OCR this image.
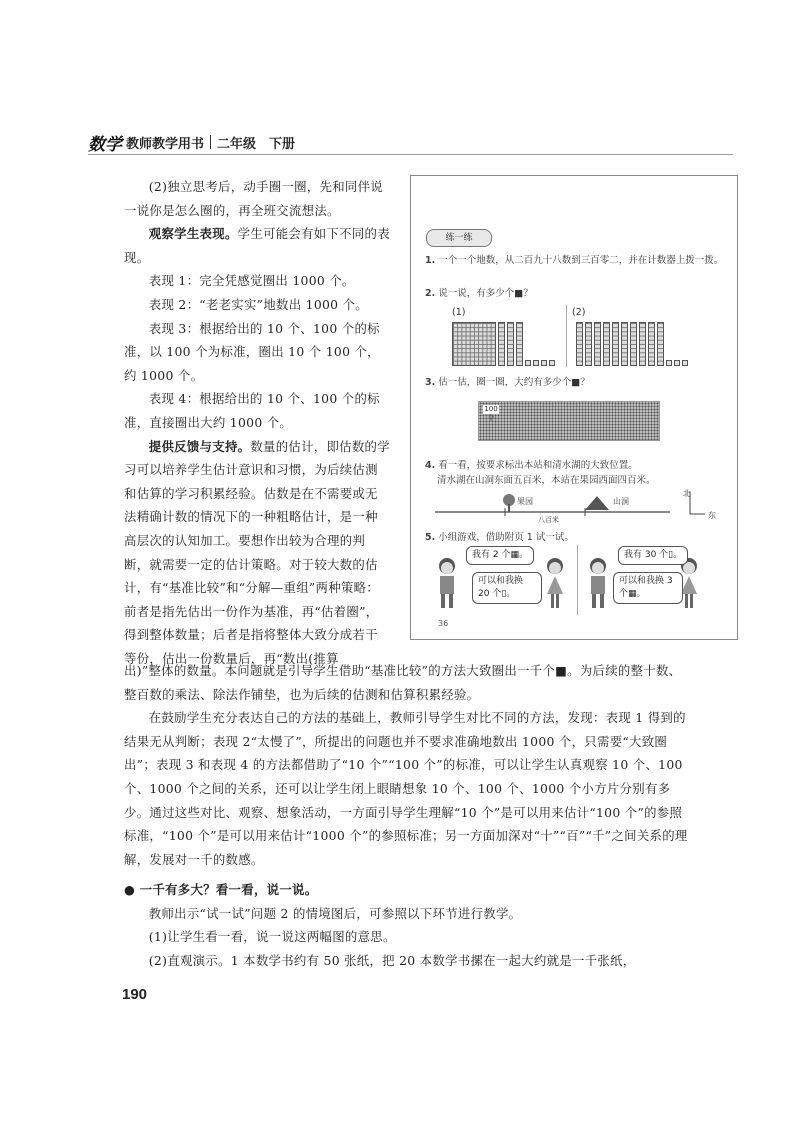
数学 教师教学用书 二年级　下册

(2)独立思考后，动手圈一圈，先和同伴说一说你是怎么圈的，再全班交流想法。

观察学生表现。学生可能会有如下不同的表现。

表现 1：完全凭感觉圈出 1000 个。

表现 2：“老老实实”地数出 1000 个。

表现 3：根据给出的 10 个、100 个的标准，以 100 个为标准，圈出 10 个 100 个，约 1000 个。

表现 4：根据给出的 10 个、100 个的标准，直接圈出大约 1000 个。

提供反馈与支持。数量的估计，即估数的学习可以培养学生估计意识和习惯，为后续估测和估算的学习积累经验。估数是在不需要或无法精确计数的情况下的一种粗略估计，是一种高层次的认知加工。要想作出较为合理的判断，就需要一定的估计策略。对于较大数的估计，有“基准比较”和“分解—重组”两种策略：前者是指先估出一份作为基准，再“估着圈”，得到整体数量；后者是指将整体大致分成若干等份，估出一份数量后，再“数出(推算

练一练
1. 一个一个地数，从二百九十八数到三百零二，并在计数器上拨一拨。
2. 说一说，有多少个■？
(1)	(2)
3. 估一估，圈一圈，大约有多少个■？
100 个
4. 看一看，按要求标出本站和清水湖的大致位置。
清水湖在山洞东面五百米，本站在果园西面四百米。
果园	山洞
北
东
八百米
5. 小组游戏，借助附页 1 试一试。
我有 2 个▦。
可以和我换 20 个▯。
我有 30 个▯。
可以和我换 3 个▦。
36

出)”整体的数量。本问题就是引导学生借助“基准比较”的方法大致圈出一千个■。为后续的整十数、整百数的乘法、除法作铺垫，也为后续的估测和估算积累经验。

在鼓励学生充分表达自己的方法的基础上，教师引导学生对比不同的方法，发现：表现 1 得到的结果无从判断；表现 2“太慢了”，所提出的问题也并不要求准确地数出 1000 个，只需要“大致圈出”；表现 3 和表现 4 的方法都借助了“10 个”“100 个”的标准，可以让学生认真观察 10 个、100 个、1000 个之间的关系，还可以让学生闭上眼睛想象 10 个、100 个、1000 个小方片分别有多少。通过这些对比、观察、想象活动，一方面引导学生理解“10 个”是可以用来估计“100 个”的参照标准，“100 个”是可以用来估计“1000 个”的参照标准；另一方面加深对“十”“百”“千”之间关系的理解，发展对一千的数感。

● 一千有多大？看一看，说一说。

教师出示“试一试”问题 2 的情境图后，可参照以下环节进行教学。

(1)让学生看一看，说一说这两幅图的意思。

(2)直观演示。1 本数学书约有 50 张纸，把 20 本数学书摞在一起大约就是一千张纸，

190
